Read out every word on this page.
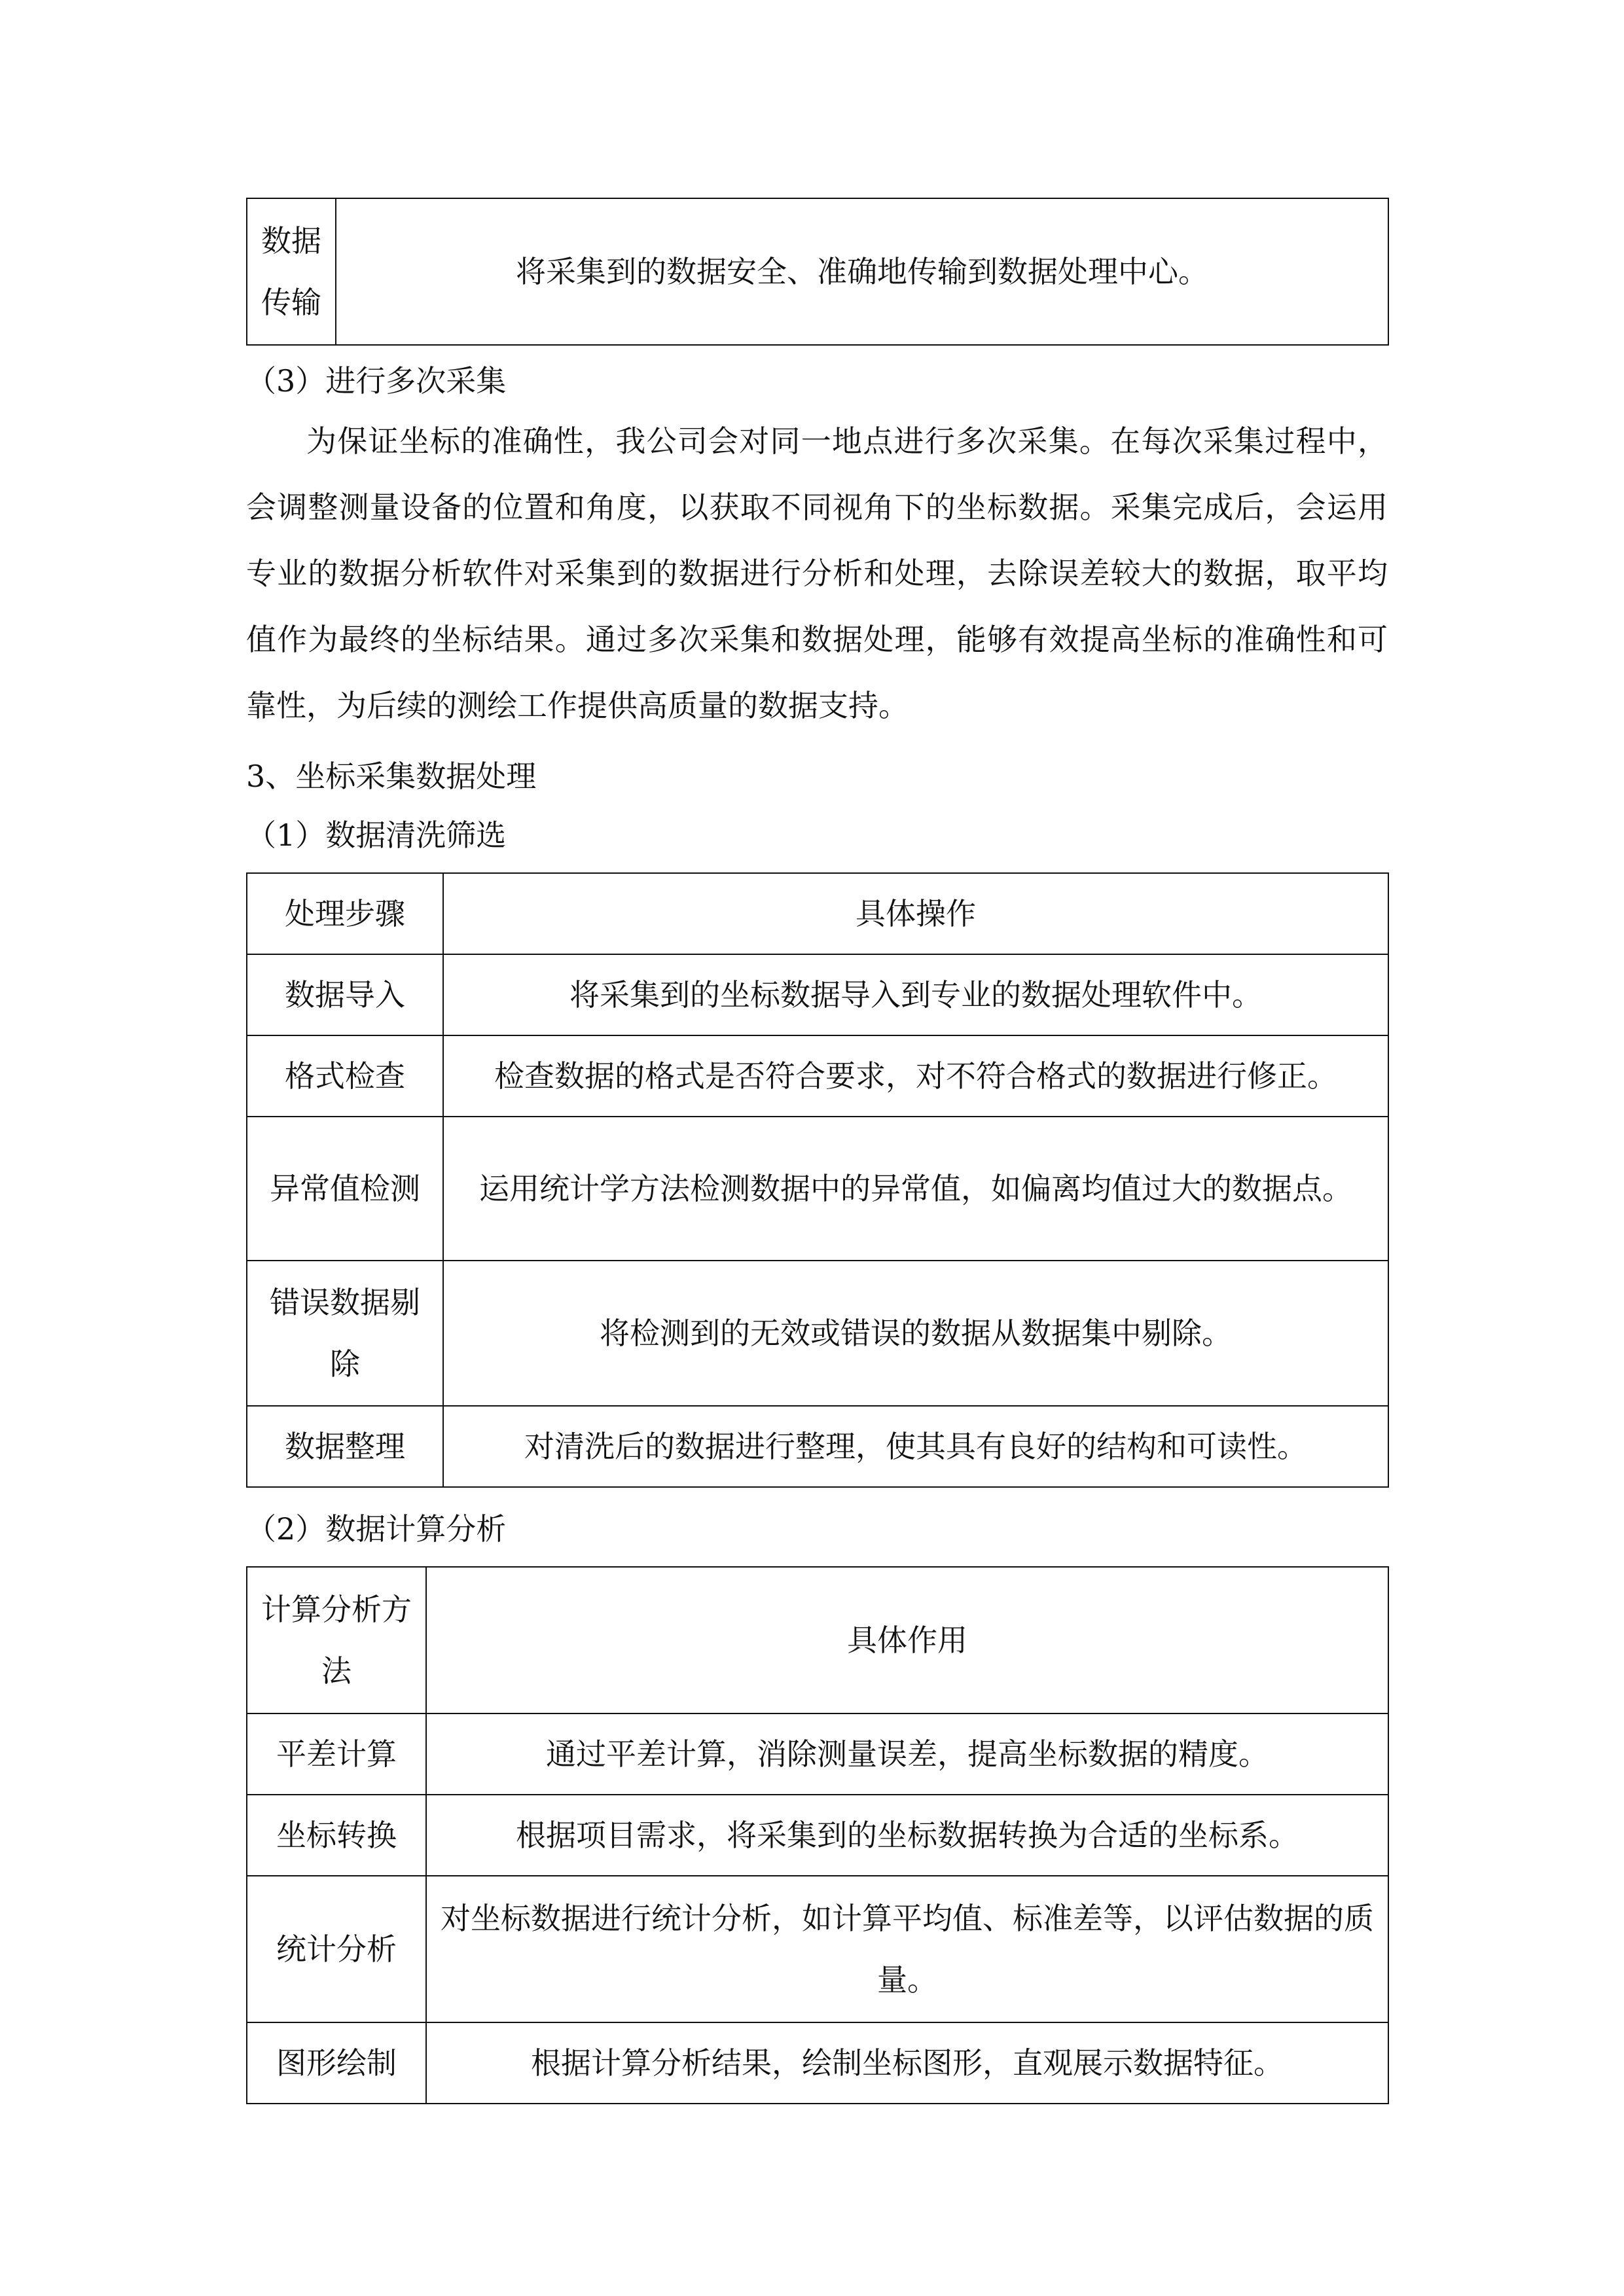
数据传输	将采集到的数据安全、准确地传输到数据处理中心。
（3）进行多次采集
为保证坐标的准确性，我公司会对同一地点进行多次采集。在每次采集过程中，会调整测量设备的位置和角度，以获取不同视角下的坐标数据。采集完成后，会运用专业的数据分析软件对采集到的数据进行分析和处理，去除误差较大的数据，取平均值作为最终的坐标结果。通过多次采集和数据处理，能够有效提高坐标的准确性和可靠性，为后续的测绘工作提供高质量的数据支持。
3、坐标采集数据处理
（1）数据清洗筛选
处理步骤	具体操作
数据导入	将采集到的坐标数据导入到专业的数据处理软件中。
格式检查	检查数据的格式是否符合要求，对不符合格式的数据进行修正。
异常值检测	运用统计学方法检测数据中的异常值，如偏离均值过大的数据点。
错误数据剔除	将检测到的无效或错误的数据从数据集中剔除。
数据整理	对清洗后的数据进行整理，使其具有良好的结构和可读性。
（2）数据计算分析
计算分析方法	具体作用
平差计算	通过平差计算，消除测量误差，提高坐标数据的精度。
坐标转换	根据项目需求，将采集到的坐标数据转换为合适的坐标系。
统计分析	对坐标数据进行统计分析，如计算平均值、标准差等，以评估数据的质量。
图形绘制	根据计算分析结果，绘制坐标图形，直观展示数据特征。
